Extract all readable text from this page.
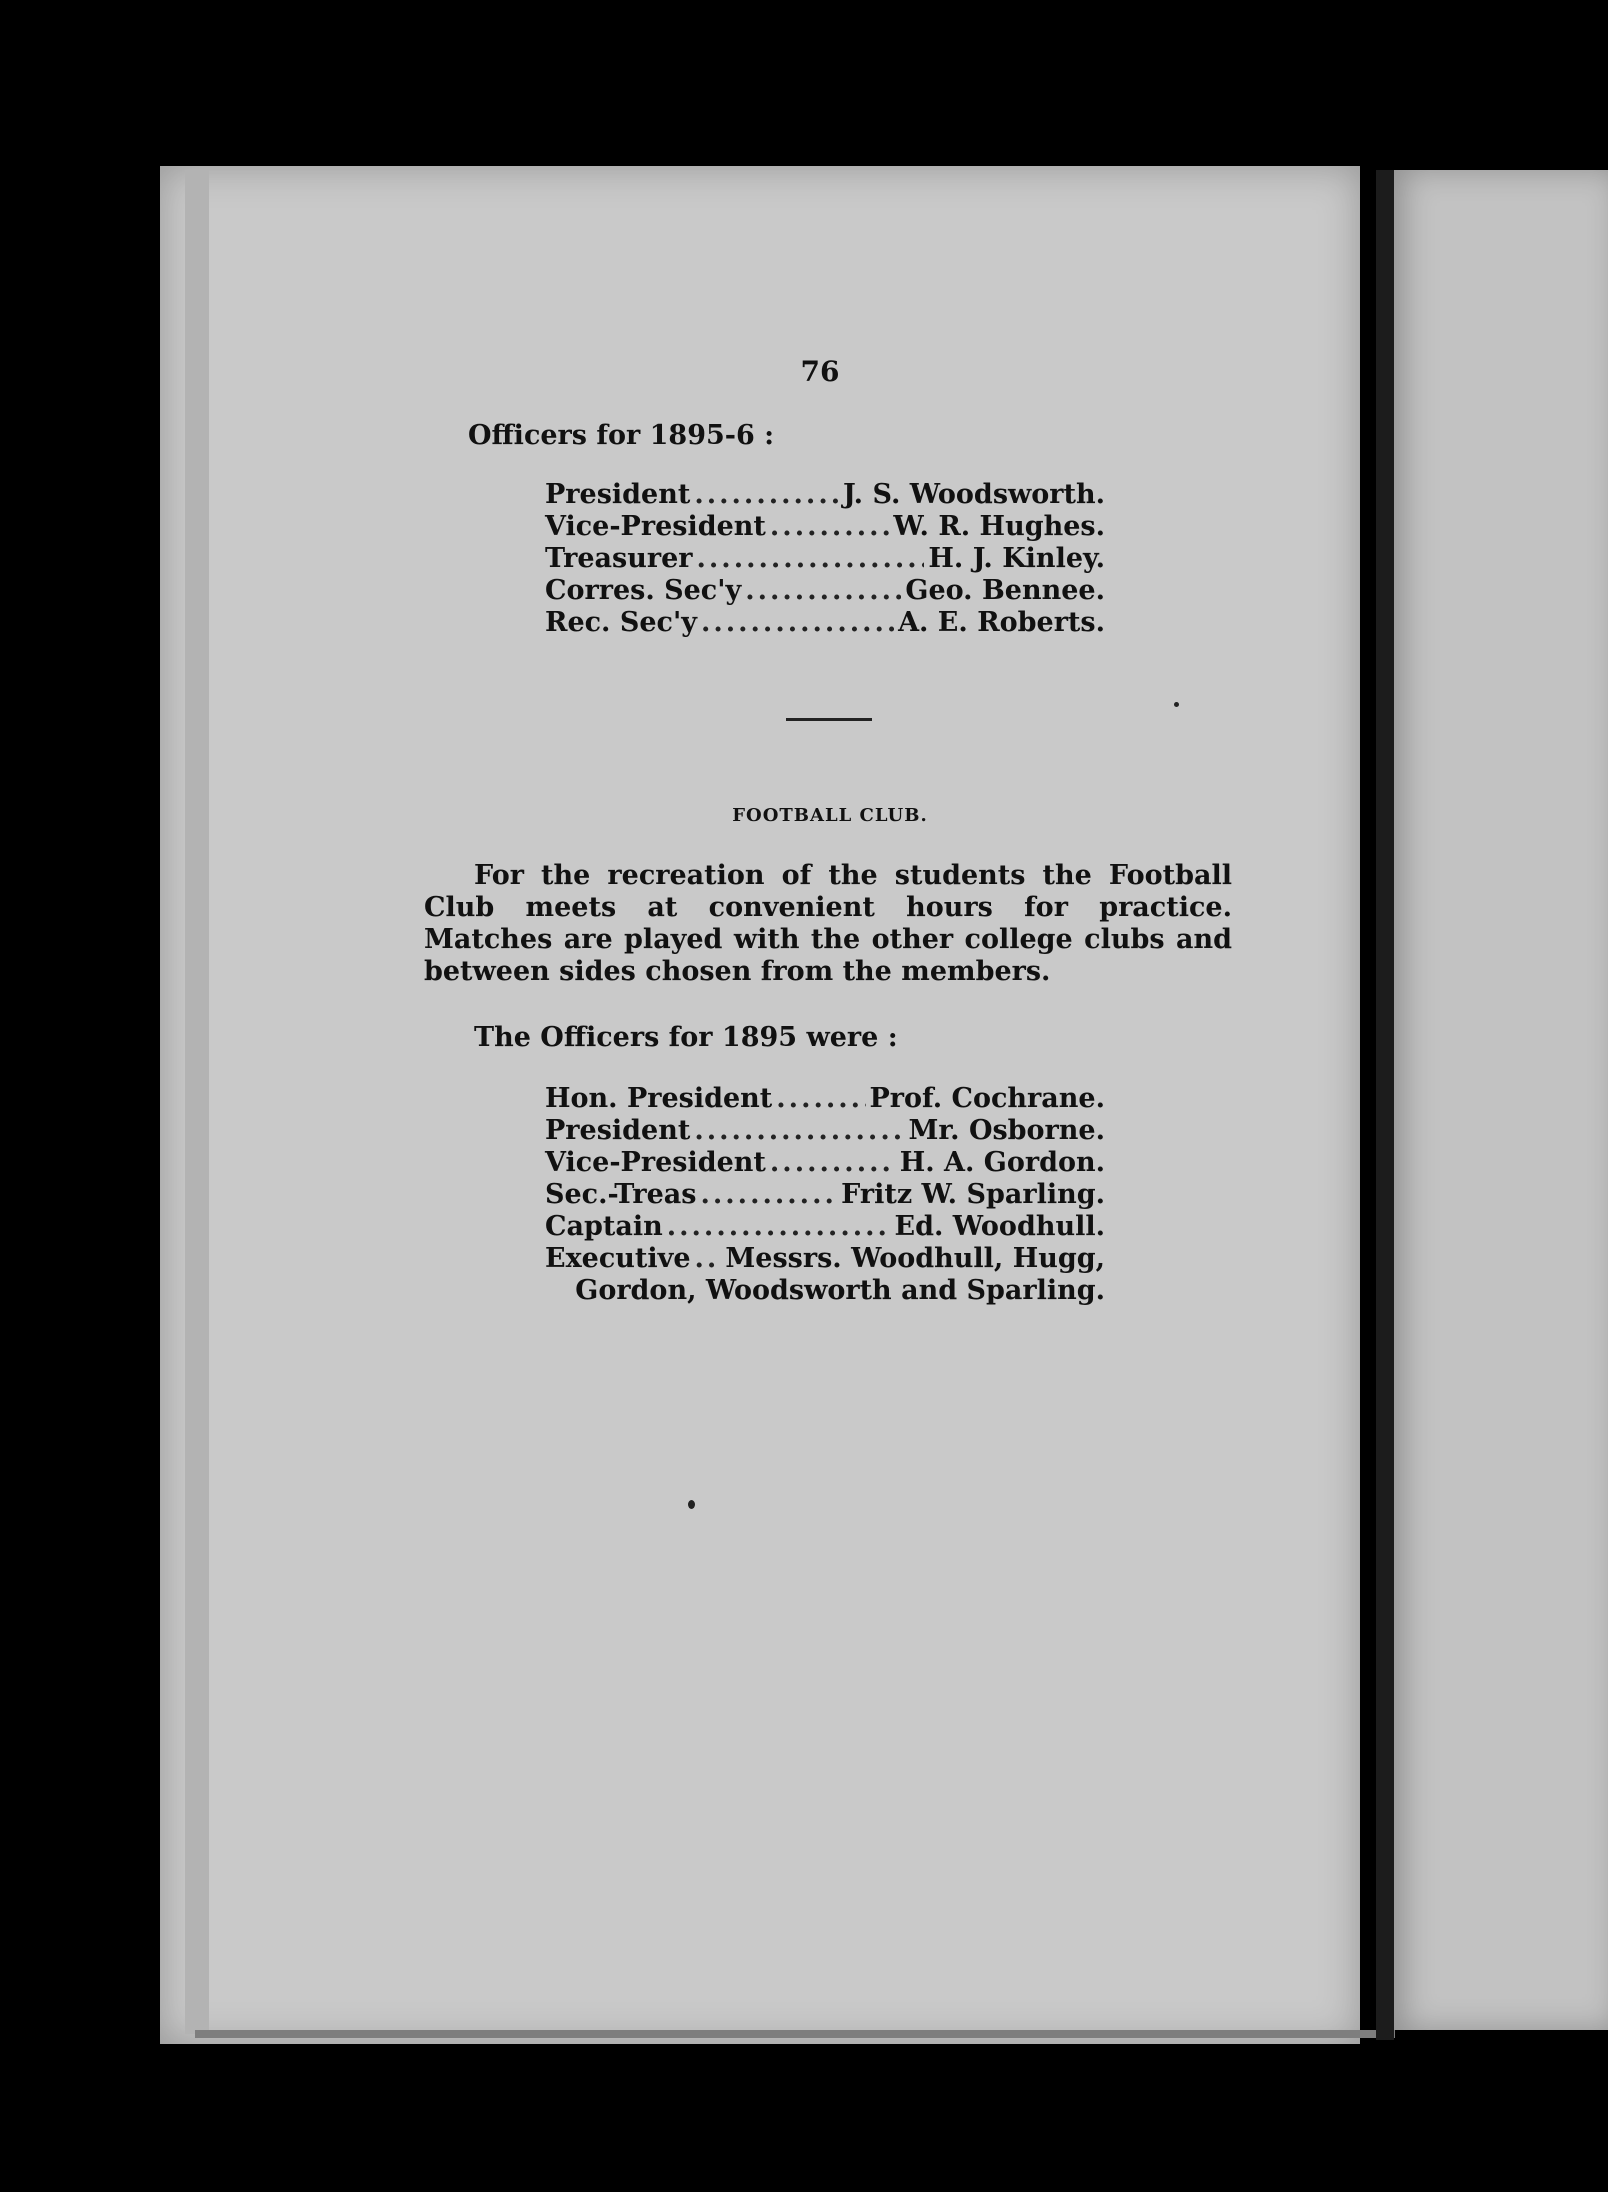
76
Officers for 1895-6 :
President .....	J. S. Woodsworth.
Vice-President .....	W. R. Hughes.
Treasurer .....	H. J. Kinley.
Corres. Sec'y .....	Geo. Bennee.
Rec. Sec'y .....	A. E. Roberts.
FOOTBALL CLUB.
For the recreation of the students the Football Club meets at convenient hours for practice. Matches are played with the other college clubs and between sides chosen from the members.
The Officers for 1895 were :
Hon. President .....	Prof. Cochrane.
President .....	Mr. Osborne.
Vice-President .....	H. A. Gordon.
Sec.-Treas .....	Fritz W. Sparling.
Captain .....	Ed. Woodhull.
Executive ..... Messrs. Woodhull, Hugg,
Gordon, Woodsworth and Sparling.
